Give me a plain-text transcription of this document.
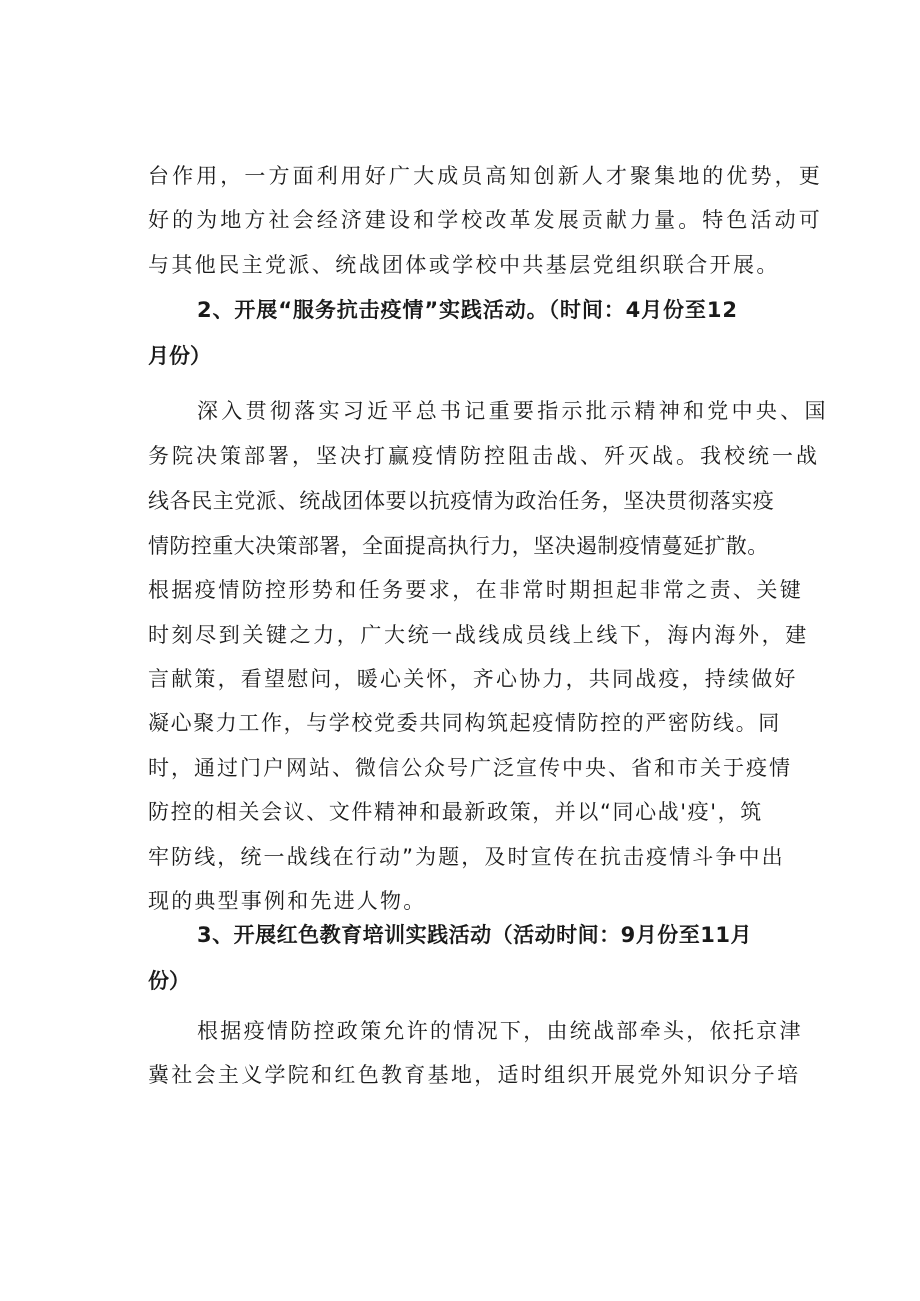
台作用，一方面利用好广大成员高知创新人才聚集地的优势，更
好的为地方社会经济建设和学校改革发展贡献力量。特色活动可
与其他民主党派、统战团体或学校中共基层党组织联合开展。
2、开展“服务抗击疫情”实践活动。（时间：4月份至12
月份）
深入贯彻落实习近平总书记重要指示批示精神和党中央、国
务院决策部署，坚决打赢疫情防控阻击战、歼灭战。我校统一战
线各民主党派、统战团体要以抗疫情为政治任务，坚决贯彻落实疫
情防控重大决策部署，全面提高执行力，坚决遏制疫情蔓延扩散。
根据疫情防控形势和任务要求，在非常时期担起非常之责、关键
时刻尽到关键之力，广大统一战线成员线上线下，海内海外，建
言献策，看望慰问，暖心关怀，齐心协力，共同战疫，持续做好
凝心聚力工作，与学校党委共同构筑起疫情防控的严密防线。同
时，通过门户网站、微信公众号广泛宣传中央、省和市关于疫情
防控的相关会议、文件精神和最新政策，并以“同心战'疫'，筑
牢防线，统一战线在行动”为题，及时宣传在抗击疫情斗争中出
现的典型事例和先进人物。
3、开展红色教育培训实践活动（活动时间：9月份至11月
份）
根据疫情防控政策允许的情况下，由统战部牵头，依托京津
冀社会主义学院和红色教育基地，适时组织开展党外知识分子培
